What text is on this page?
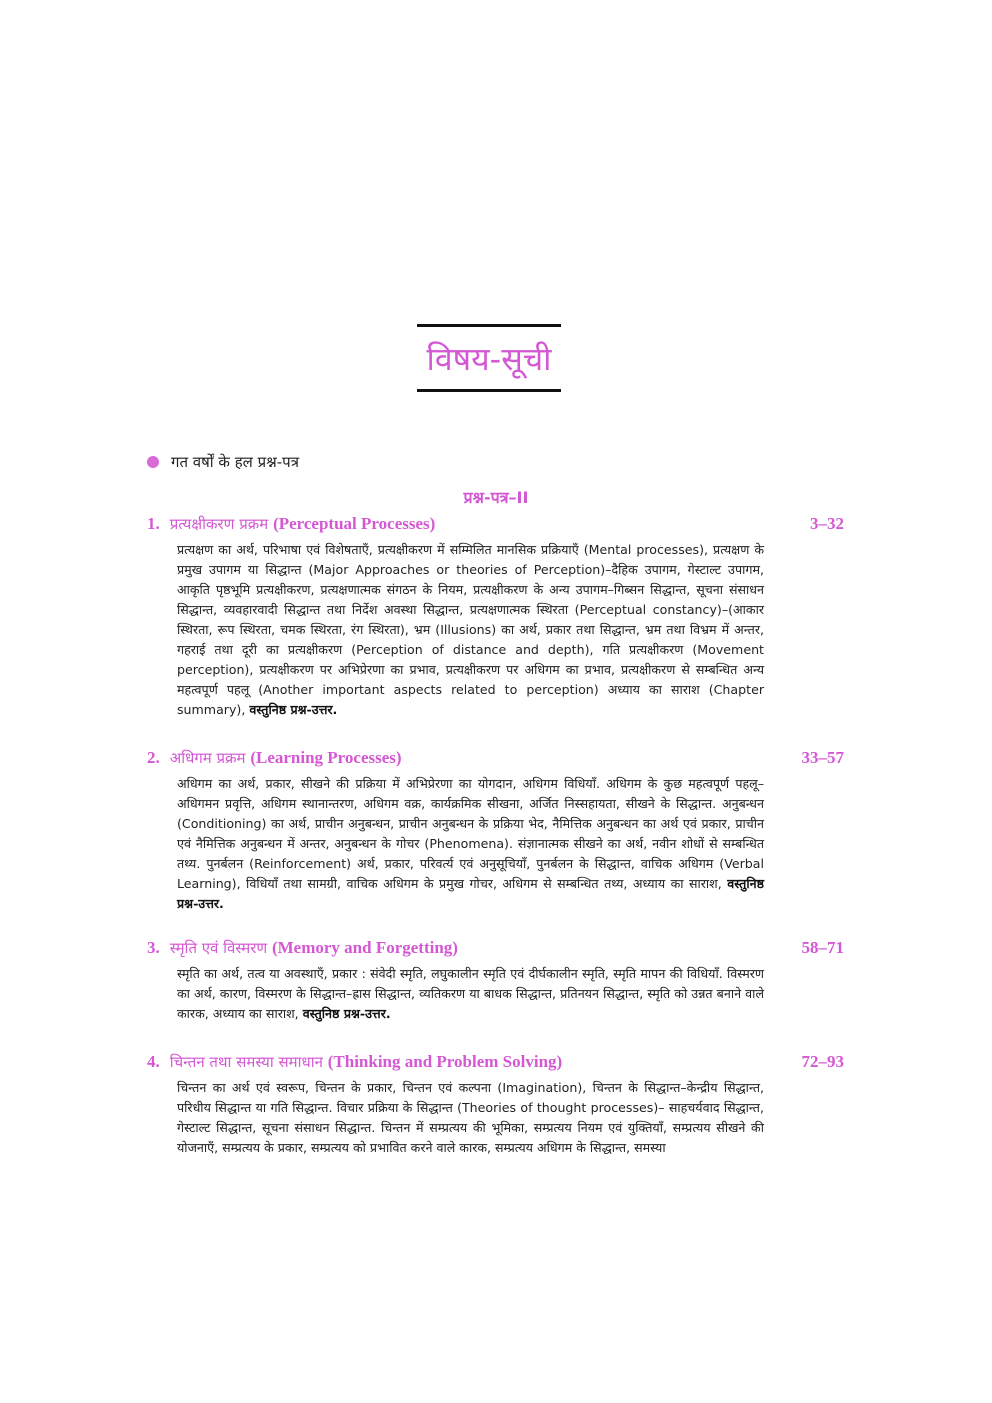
विषय-सूची
गत वर्षों के हल प्रश्न-पत्र
प्रश्न-पत्र–II
1. प्रत्यक्षीकरण प्रक्रम (Perceptual Processes)	3–32
प्रत्यक्षण का अर्थ, परिभाषा एवं विशेषताएँ, प्रत्यक्षीकरण में सम्मिलित मानसिक प्रक्रियाएँ (Mental processes), प्रत्यक्षण के प्रमुख उपागम या सिद्धान्त (Major Approaches or theories of Perception)–दैहिक उपागम, गेस्टाल्ट उपागम, आकृति पृष्ठभूमि प्रत्यक्षीकरण, प्रत्यक्षणात्मक संगठन के नियम, प्रत्यक्षीकरण के अन्य उपागम–गिब्सन सिद्धान्त, सूचना संसाधन सिद्धान्त, व्यवहारवादी सिद्धान्त तथा निर्देश अवस्था सिद्धान्त, प्रत्यक्षणात्मक स्थिरता (Perceptual constancy)–(आकार स्थिरता, रूप स्थिरता, चमक स्थिरता, रंग स्थिरता), भ्रम (Illusions) का अर्थ, प्रकार तथा सिद्धान्त, भ्रम तथा विभ्रम में अन्तर, गहराई तथा दूरी का प्रत्यक्षीकरण (Perception of distance and depth), गति प्रत्यक्षीकरण (Movement perception), प्रत्यक्षीकरण पर अभिप्रेरणा का प्रभाव, प्रत्यक्षीकरण पर अधिगम का प्रभाव, प्रत्यक्षीकरण से सम्बन्धित अन्य महत्वपूर्ण पहलू (Another important aspects related to perception) अध्याय का साराश (Chapter summary), वस्तुनिष्ठ प्रश्न-उत्तर.
2. अधिगम प्रक्रम (Learning Processes)	33–57
अधिगम का अर्थ, प्रकार, सीखने की प्रक्रिया में अभिप्रेरणा का योगदान, अधिगम विधियाँ. अधिगम के कुछ महत्वपूर्ण पहलू–अधिगमन प्रवृत्ति, अधिगम स्थानान्तरण, अधिगम वक्र, कार्यक्रमिक सीखना, अर्जित निस्सहायता, सीखने के सिद्धान्त. अनुबन्धन (Conditioning) का अर्थ, प्राचीन अनुबन्धन, प्राचीन अनुबन्धन के प्रक्रिया भेद, नैमित्तिक अनुबन्धन का अर्थ एवं प्रकार, प्राचीन एवं नैमित्तिक अनुबन्धन में अन्तर, अनुबन्धन के गोचर (Phenomena). संज्ञानात्मक सीखने का अर्थ, नवीन शोधों से सम्बन्धित तथ्य. पुनर्बलन (Reinforcement) अर्थ, प्रकार, परिवर्त्य एवं अनुसूचियाँ, पुनर्बलन के सिद्धान्त, वाचिक अधिगम (Verbal Learning), विधियाँ तथा सामग्री, वाचिक अधिगम के प्रमुख गोचर, अधिगम से सम्बन्धित तथ्य, अध्याय का साराश, वस्तुनिष्ठ प्रश्न-उत्तर.
3. स्मृति एवं विस्मरण (Memory and Forgetting)	58–71
स्मृति का अर्थ, तत्व या अवस्थाएँ, प्रकार : संवेदी स्मृति, लघुकालीन स्मृति एवं दीर्घकालीन स्मृति, स्मृति मापन की विधियाँ. विस्मरण का अर्थ, कारण, विस्मरण के सिद्धान्त–ह्रास सिद्धान्त, व्यतिकरण या बाधक सिद्धान्त, प्रतिनयन सिद्धान्त, स्मृति को उन्नत बनाने वाले कारक, अध्याय का साराश, वस्तुनिष्ठ प्रश्न-उत्तर.
4. चिन्तन तथा समस्या समाधान (Thinking and Problem Solving)	72–93
चिन्तन का अर्थ एवं स्वरूप, चिन्तन के प्रकार, चिन्तन एवं कल्पना (Imagination), चिन्तन के सिद्धान्त–केन्द्रीय सिद्धान्त, परिधीय सिद्धान्त या गति सिद्धान्त. विचार प्रक्रिया के सिद्धान्त (Theories of thought processes)– साहचर्यवाद सिद्धान्त, गेस्टाल्ट सिद्धान्त, सूचना संसाधन सिद्धान्त. चिन्तन में सम्प्रत्यय की भूमिका, सम्प्रत्यय नियम एवं युक्तियाँ, सम्प्रत्यय सीखने की योजनाएँ, सम्प्रत्यय के प्रकार, सम्प्रत्यय को प्रभावित करने वाले कारक, सम्प्रत्यय अधिगम के सिद्धान्त, समस्या
